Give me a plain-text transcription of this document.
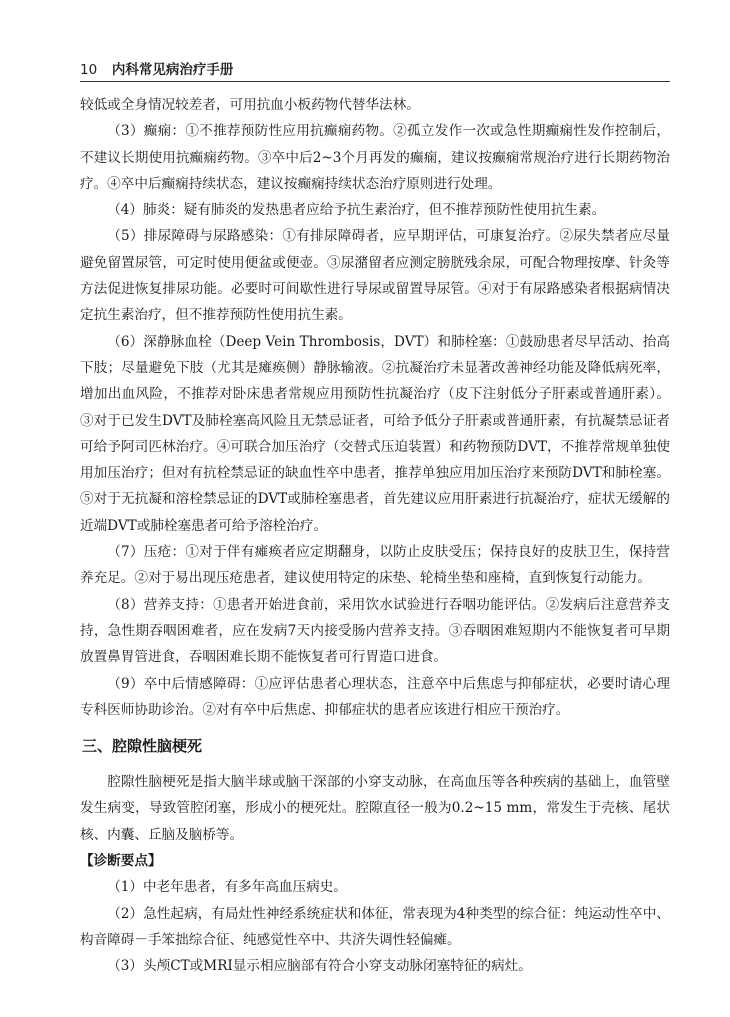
10 内科常见病治疗手册

较低或全身情况较差者，可用抗血小板药物代替华法林。

（3）癫痫：①不推荐预防性应用抗癫痫药物。②孤立发作一次或急性期癫痫性发作控制后，不建议长期使用抗癫痫药物。③卒中后2~3个月再发的癫痫，建议按癫痫常规治疗进行长期药物治疗。④卒中后癫痫持续状态，建议按癫痫持续状态治疗原则进行处理。

（4）肺炎：疑有肺炎的发热患者应给予抗生素治疗，但不推荐预防性使用抗生素。

（5）排尿障碍与尿路感染：①有排尿障碍者，应早期评估，可康复治疗。②尿失禁者应尽量避免留置尿管，可定时使用便盆或便壶。③尿潴留者应测定膀胱残余尿，可配合物理按摩、针灸等方法促进恢复排尿功能。必要时可间歇性进行导尿或留置导尿管。④对于有尿路感染者根据病情决定抗生素治疗，但不推荐预防性使用抗生素。

（6）深静脉血栓（Deep Vein Thrombosis，DVT）和肺栓塞：①鼓励患者尽早活动、抬高下肢；尽量避免下肢（尤其是瘫痪侧）静脉输液。②抗凝治疗未显著改善神经功能及降低病死率，增加出血风险，不推荐对卧床患者常规应用预防性抗凝治疗（皮下注射低分子肝素或普通肝素）。③对于已发生DVT及肺栓塞高风险且无禁忌证者，可给予低分子肝素或普通肝素，有抗凝禁忌证者可给予阿司匹林治疗。④可联合加压治疗（交替式压迫装置）和药物预防DVT，不推荐常规单独使用加压治疗；但对有抗栓禁忌证的缺血性卒中患者，推荐单独应用加压治疗来预防DVT和肺栓塞。⑤对于无抗凝和溶栓禁忌证的DVT或肺栓塞患者，首先建议应用肝素进行抗凝治疗，症状无缓解的近端DVT或肺栓塞患者可给予溶栓治疗。

（7）压疮：①对于伴有瘫痪者应定期翻身，以防止皮肤受压；保持良好的皮肤卫生，保持营养充足。②对于易出现压疮患者，建议使用特定的床垫、轮椅坐垫和座椅，直到恢复行动能力。

（8）营养支持：①患者开始进食前，采用饮水试验进行吞咽功能评估。②发病后注意营养支持，急性期吞咽困难者，应在发病7天内接受肠内营养支持。③吞咽困难短期内不能恢复者可早期放置鼻胃管进食，吞咽困难长期不能恢复者可行胃造口进食。

（9）卒中后情感障碍：①应评估患者心理状态，注意卒中后焦虑与抑郁症状，必要时请心理专科医师协助诊治。②对有卒中后焦虑、抑郁症状的患者应该进行相应干预治疗。

三、腔隙性脑梗死

腔隙性脑梗死是指大脑半球或脑干深部的小穿支动脉，在高血压等各种疾病的基础上，血管壁发生病变，导致管腔闭塞，形成小的梗死灶。腔隙直径一般为0.2~15 mm，常发生于壳核、尾状核、内囊、丘脑及脑桥等。

【诊断要点】

（1）中老年患者，有多年高血压病史。

（2）急性起病，有局灶性神经系统症状和体征，常表现为4种类型的综合征：纯运动性卒中、构音障碍－手笨拙综合征、纯感觉性卒中、共济失调性轻偏瘫。

（3）头颅CT或MRI显示相应脑部有符合小穿支动脉闭塞特征的病灶。
